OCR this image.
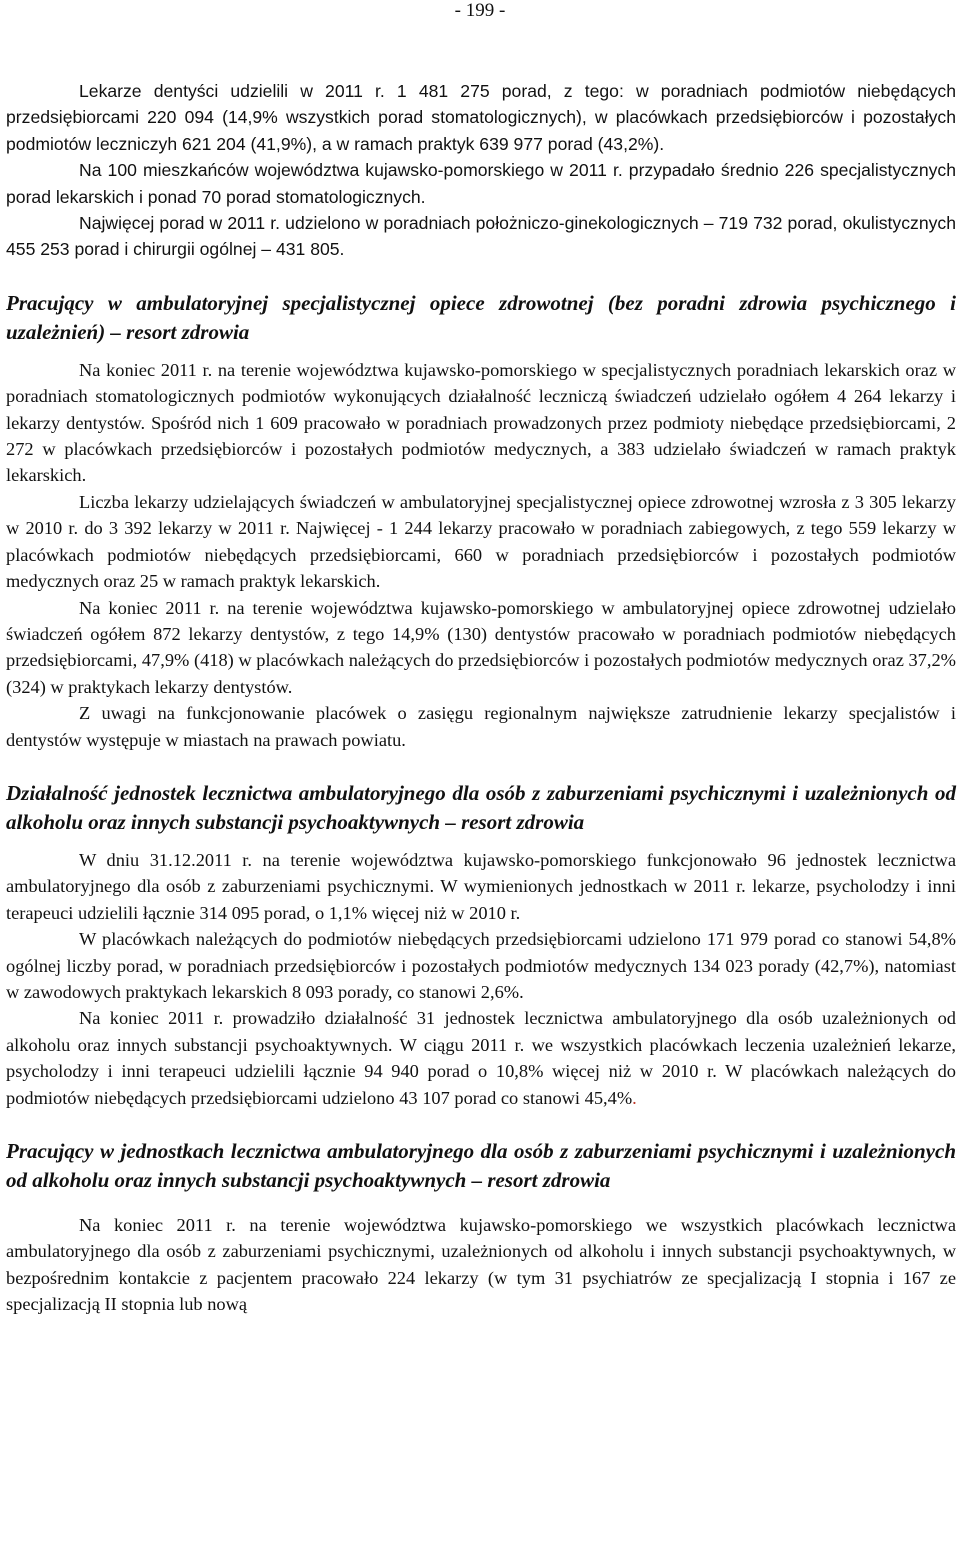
- 199 -

Lekarze dentyści udzielili w 2011 r. 1 481 275 porad, z tego: w poradniach podmiotów niebędących przedsiębiorcami 220 094 (14,9% wszystkich porad stomatologicznych), w placówkach przedsiębiorców i pozostałych podmiotów leczniczyh 621 204 (41,9%), a w ramach praktyk 639 977 porad (43,2%).

Na 100 mieszkańców województwa kujawsko-pomorskiego w 2011 r. przypadało średnio 226 specjalistycznych porad lekarskich i ponad 70 porad stomatologicznych.

Najwięcej porad w 2011 r. udzielono w poradniach położniczo-ginekologicznych – 719 732 porad, okulistycznych 455 253 porad i chirurgii ogólnej – 431 805.

Pracujący w ambulatoryjnej specjalistycznej opiece zdrowotnej (bez poradni zdrowia psychicznego i uzależnień) – resort zdrowia

Na koniec 2011 r. na terenie województwa kujawsko-pomorskiego w specjalistycznych poradniach lekarskich oraz w poradniach stomatologicznych podmiotów wykonujących działalność leczniczą świadczeń udzielało ogółem 4 264 lekarzy i lekarzy dentystów. Spośród nich 1 609 pracowało w poradniach prowadzonych przez podmioty niebędące przedsiębiorcami, 2 272 w placówkach przedsiębiorców i pozostałych podmiotów medycznych, a 383 udzielało świadczeń w ramach praktyk lekarskich.

Liczba lekarzy udzielających świadczeń w ambulatoryjnej specjalistycznej opiece zdrowotnej wzrosła z 3 305 lekarzy w 2010 r. do 3 392 lekarzy w 2011 r. Najwięcej - 1 244 lekarzy pracowało w poradniach zabiegowych, z tego 559 lekarzy w placówkach podmiotów niebędących przedsiębiorcami, 660 w poradniach przedsiębiorców i pozostałych podmiotów medycznych oraz 25 w ramach praktyk lekarskich.

Na koniec 2011 r. na terenie województwa kujawsko-pomorskiego w ambulatoryjnej opiece zdrowotnej udzielało świadczeń ogółem 872 lekarzy dentystów, z tego 14,9% (130) dentystów pracowało w poradniach podmiotów niebędących przedsiębiorcami, 47,9% (418) w placówkach należących do przedsiębiorców i pozostałych podmiotów medycznych oraz 37,2% (324) w praktykach lekarzy dentystów.

Z uwagi na funkcjonowanie placówek o zasięgu regionalnym największe zatrudnienie lekarzy specjalistów i dentystów występuje w miastach na prawach powiatu.

Działalność jednostek lecznictwa ambulatoryjnego dla osób z zaburzeniami psychicznymi i uzależnionych od alkoholu oraz innych substancji psychoaktywnych – resort zdrowia

W dniu 31.12.2011 r. na terenie województwa kujawsko-pomorskiego funkcjonowało 96 jednostek lecznictwa ambulatoryjnego dla osób z zaburzeniami psychicznymi. W wymienionych jednostkach w 2011 r. lekarze, psycholodzy i inni terapeuci udzielili łącznie 314 095 porad, o 1,1% więcej niż w 2010 r.

W placówkach należących do podmiotów niebędących przedsiębiorcami udzielono 171 979 porad co stanowi 54,8% ogólnej liczby porad, w poradniach przedsiębiorców i pozostałych podmiotów medycznych 134 023 porady (42,7%), natomiast w zawodowych praktykach lekarskich 8 093 porady, co stanowi 2,6%.

Na koniec 2011 r. prowadziło działalność 31 jednostek lecznictwa ambulatoryjnego dla osób uzależnionych od alkoholu oraz innych substancji psychoaktywnych. W ciągu 2011 r. we wszystkich placówkach leczenia uzależnień lekarze, psycholodzy i inni terapeuci udzielili łącznie 94 940 porad o 10,8% więcej niż w 2010 r. W placówkach należących do podmiotów niebędących przedsiębiorcami udzielono 43 107 porad co stanowi 45,4%.

Pracujący w jednostkach lecznictwa ambulatoryjnego dla osób z zaburzeniami psychicznymi i uzależnionych od alkoholu oraz innych substancji psychoaktywnych – resort zdrowia

Na koniec 2011 r. na terenie województwa kujawsko-pomorskiego we wszystkich placówkach lecznictwa ambulatoryjnego dla osób z zaburzeniami psychicznymi, uzależnionych od alkoholu i innych substancji psychoaktywnych, w bezpośrednim kontakcie z pacjentem pracowało 224 lekarzy (w tym 31 psychiatrów ze specjalizacją I stopnia i 167 ze specjalizacją II stopnia lub nową
